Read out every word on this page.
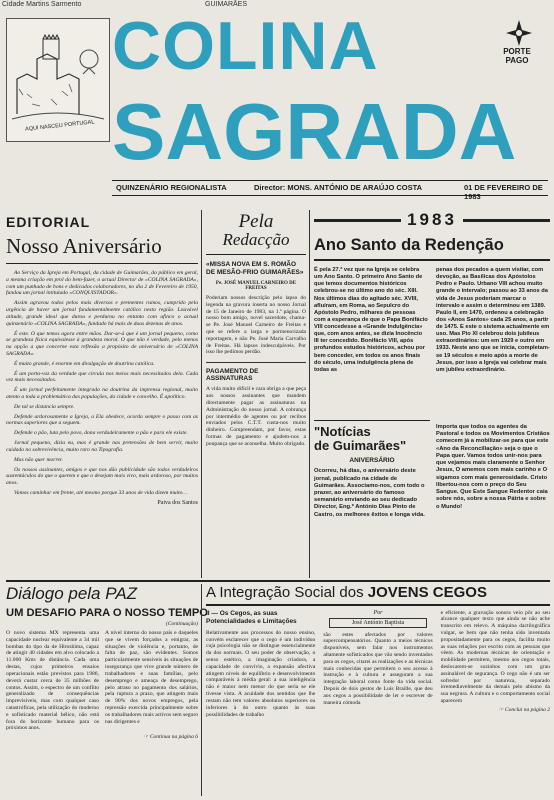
Cidade Martins Sarmento	GUIMARÃES
AQUI NASCEU PORTUGAL
COLINA
SAGRADA
PORTE
PAGO
QUINZENÁRIO REGIONALISTA	Director: MONS. ANTÓNIO DE ARAÚJO COSTA	01 DE FEVEREIRO DE 1983
EDITORIAL
Nosso Aniversário

Ao Serviço da Igreja em Portugal, da cidade de Guimarães, do público em geral, a mesma criação em prol do bem-fazer, o actual Director de «COLINA SAGRADA», com um punhado de bons e dedicados colaboradores, no dia 2 de Fevereiro de 1950, fundou um jornal intitulado «CONQUISTADOR».

Assim agravou todos pelos mais diversos e prementes rumos, cumprido pela urgência de haver um jornal fundamentalmente católico nesta região. Louvável atitude, grande ideal que durou e perdurou no entanto com afinco o actual quinzenário «COLINA SAGRADA», fundado há mais de duas dezenas de anos.

É este. O que temos agora entre mãos. Dar-se-á que é um jornal pequeno, como se grandeza física equivalesse à grandeza moral. O que não é verdade, pelo menos na opção a que concerne esta reflexão a propósito de aniversário de «COLINA SAGRADA».

É muito grande, é enorme em divulgação de doutrina católica.

É um porta-voz da verdade que circula nos meios mais necessitados dela. Cada vez mais necessitados.

É um jornal perfeitamente integrado na doutrina da imprensa regional, muito atento a toda a problemática das populações, da cidade e concelho. É apolítico.

De tal se distancia sempre.

Defende ardorosamente a Igreja, a Ela obedece, acorda sempre o passo com as normas superiores que a seguem.

Defende o pão, luta pelo povo, dona verdadeiramente o pão e para ele existe.

Jornal pequeno, dizia eu, mas é grande nas pretensões de bem servir, muito cuidado no sobrevivência, muito raro na Tipografia.

Mas não quer morrer.

Os nossos assinantes, amigos e que nos dão publicidade são todos verdadeiros sustentáculos do que o querem e que o desejam mais vivo, mais ardoroso, por muitos anos.

Vamos caminhar em frente, até mesmo porque 33 anos de vida dizem muito…

Paiva dos Santos
Pela
Redacção
«MISSA NOVA EM S. ROMÃO DE MESÃO-FRIO GUIMARÃES»
Pe. JOSÉ MANUEL CARNEIRO DE FREITAS
Poderiam nossos descrição pelo lapso do legenda na gravura inserta no nosso Jornal de 15 de Janeiro de 1983, na 1.ª página. O nosso bom amigo, novel sacerdote, chama-se Pe. José Manuel Carneiro de Freitas e que se refere a larga e pormenorizada reportagem, e não Pe. José Maria Carvalho de Freitas. Há lapsos indesculpáveis. Por isso lhe pedimos perdão.
PAGAMENTO DE ASSINATURAS
A vida muito difícil e cara obriga a que peça aos nossos assinantes que mandem directamente pagar as assinaturas na Administração do nosso jornal. A cobrança por intermédio de agentes ou por recibos enviados pelos C.T.T. custa-nos muito dinheiro. Compreendam, por favor, estas formas de pagamento e ajudem-nos a poupança que se aconselha. Muito obrigado.
1983
Ano Santo da Redenção
É pela 27.ª vez que na Igreja se celebra um Ano Santo. O primeiro Ano Santo de que temos documentos históricos celebrou-se no último ano do séc. XIII. Nos últimos dias do agitado séc. XVIII, afluíram, em Roma, ao Sepulcro do Apóstolo Pedro, milhares de pessoas com a esperança de que o Papa Bonifácio VIII concedesse a «Grande Indulgência» que, com anos antes, se dizia Inocêncio III ter concedido. Bonifácio VIII, após profundos estudos históricos, achou por bem conceder, em todos os anos finais do século, uma indulgência plena de todas as
penas dos pecados a quem visitar, com devoção, as Basílicas dos Apóstolos Pedro e Paulo. Urbano VIII achou muito grande o intervalo; passou ao 33 anos da vida de Jesus poderiam marcar o intervalo e assim o determinou em 1389. Paulo II, em 1470, ordenou a celebração dos «Anos Santos» cada 25 anos, a partir de 1475. E este o sistema actualmente em uso. Mas Pio XI celebrou dois jubileus extraordinários: um em 1929 e outro em 1933. Neste ano que se inicia, completam-se 19 séculos e meio após a morte de Jesus, por isso a Igreja vai celebrar mais um jubileu extraordinário.
"Notícias
de Guimarães"
ANIVERSÁRIO
Ocorreu, há dias, o aniversário deste jornal, publicado na cidade de Guimarães. Associamo-nos, com todo o prazer, ao aniversário do famoso semanário enviando ao seu dedicado Director, Eng.º António Dias Pinto de Castro, os melhores êxitos e longa vida.
Importa que todos os agentes da Pastoral e todos os Movimentos Cristãos comecem já a mobilizar-se para que este «Ano da Reconciliação» seja o que o Papa quer. Vamos todos unir-nos para que vejamos mais claramente o Senhor Jesus, O amemos com mais carinho e O sigamos com mais generosidade. Cristo libertou-nos com o preço do Seu Sangue. Que Este Sangue Redentor caia sobre nós, sobre a nossa Pátria e sobre o Mundo!
Diálogo pela PAZ
UM DESAFIO PARA O NOSSO TEMPO
(Continuação)
O novo sistema MX representa uma capacidade nuclear equivalente a 34 mil bombas do tipo da de Hiroshima, capaz de atingir 40 cidades em alvo colocado a 11.000 Kms de distância. Cada uma destas, cujos primeiros ensaios operacionais estão previstos para 1986, deverá custar cerca de 35 milhões de contos. Assim, o espectro de um conflito generalizado de consequências imprevisíveis, mas com qualquer caso catastróficas, pela utilização do moderno e sofisticado material bélico, não está fora do horizonte humano para os próximos anos.
A nível interno do nosso país e daqueles que se vivem forçados a emigrar, as situações de violência e, portanto, de falta de paz, são evidentes. Somos particularmente sensíveis às situações de insegurança que vive grande número de trabalhadores e suas famílias, pelo desemprego e ameaça de desemprego, pelo atraso no pagamento dos salários, pela ruptura a prazo, que atingem mais de 90% dos novos empregos, pela repressão exercida principalmente sobre os trabalhadores mais activos sem seguro nas dirigentes e
☞ Continua na página 6
A Integração Social dos JOVENS CEGOS
II — Os Cegos, as suas Potencialidades e Limitações
Relativamente aos processos do nosso ensino, convém esclarecer que o cego é um indivíduo cuja psicologia não se distingue essencialmente da dos normais. O seu poder de observação, o senso estético, a imaginação criadora, a capacidade de convívio, a expansão afectiva atingem níveis de equilíbrio e desenvolvimento comparáveis à média geral: a sua inteligência não é maior nem menor do que seria se ele tivesse vista. A acuidade dos sentidos que lhe restam não tem valores absolutos superiores ou inferiores à do outro quanto às suas possibilidades de trabalho
Por
José António Baptista
são estes afectados por valores supercompensatórios. Quanto a meios técnicos disponíveis, sem falar nos instrumentos altamente sofisticados que vão sendo inventados para os cegos, citarei as realizações e as técnicas mais conhecidas que permitem o seu acesso à instrução e à cultura e asseguram a sua integração laboral como fonte da vida social. Depois de dois gestos de Luís Braille, que deu aos cegos a possibilidade de ler e escrever de maneira cómoda
e eficiente, a gravação sonora veio pôr ao seu alcance qualquer texto que ainda se não ache transcrito em relevo. A máquina dactilográfica vulgar, se bem que não tenha sido inventada propositadamente para os cegos, facilita muito as suas relações por escrito com as pessoas que vêem. As modernas técnicas de orientação e mobilidade permitem, mesmo aos cegos totais, deslocarem-se sozinhos com um grau assinalável de segurança. O cego não é um ser sofredor por natureza, separado irremediavelmente da demais pelo abismo da sua negrura. A cultura e o comportamento social aparecem
☞ Conclui na página 2
